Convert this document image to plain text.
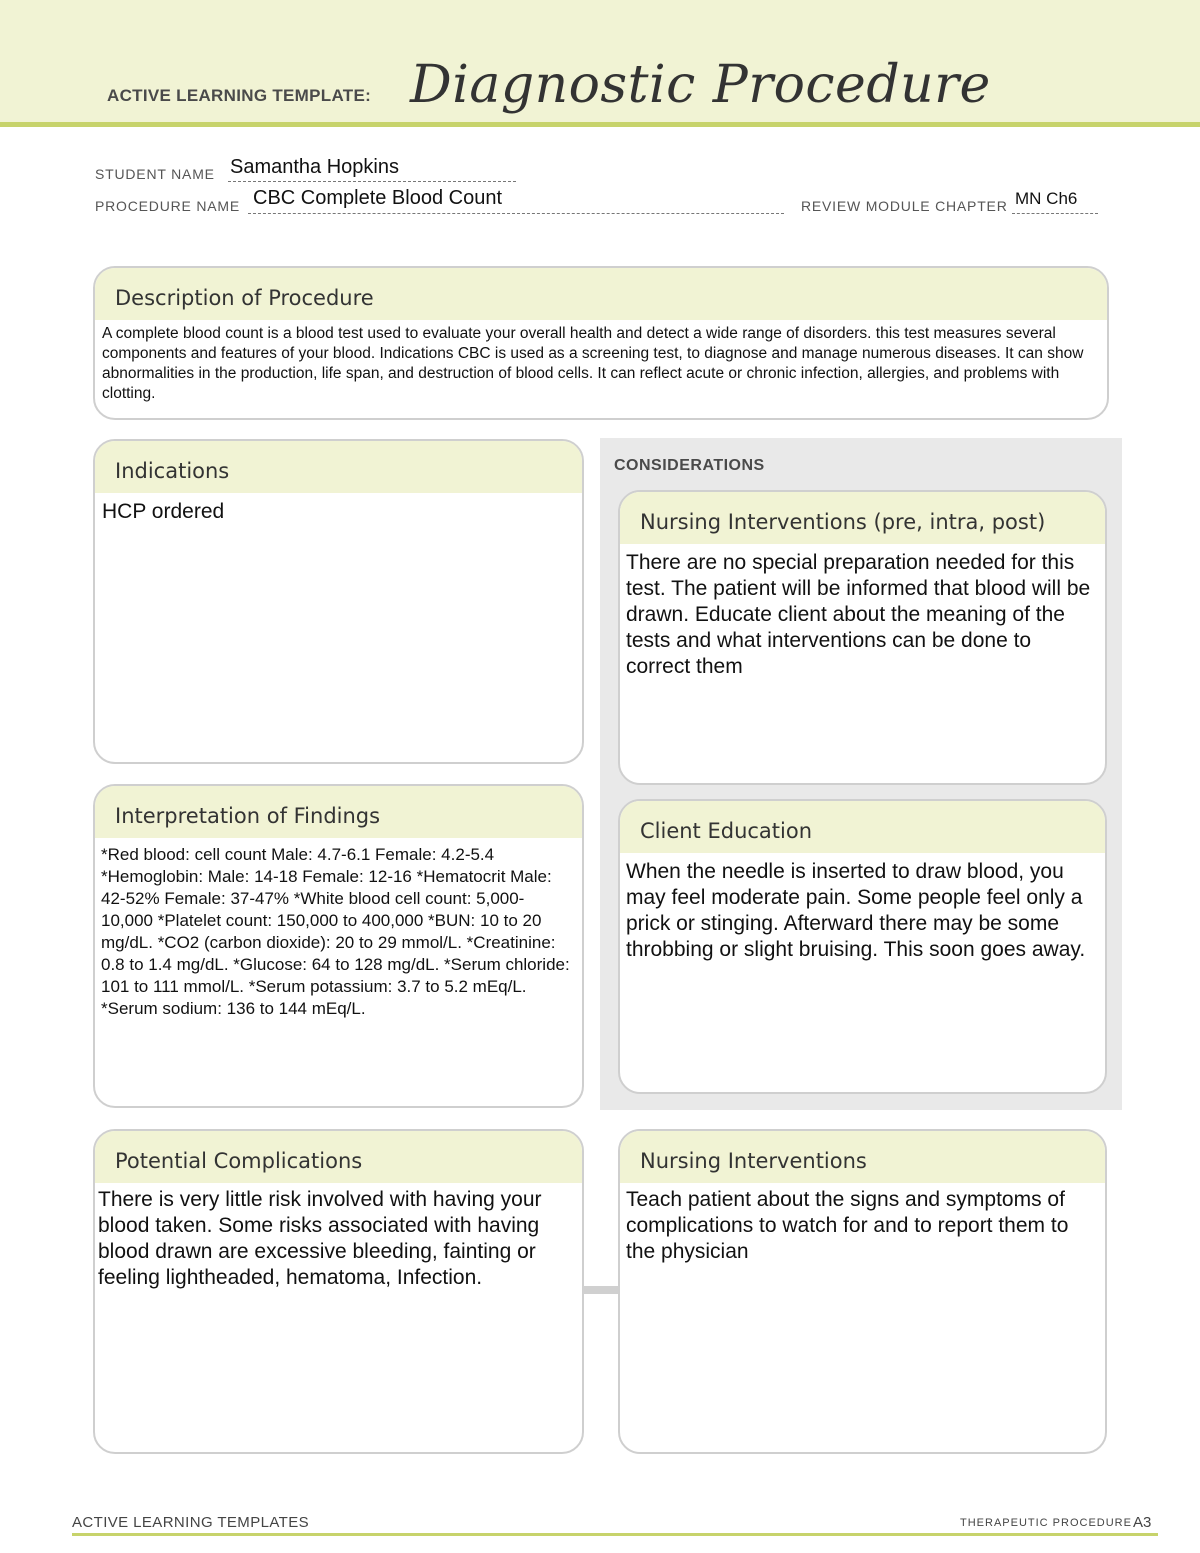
ACTIVE LEARNING TEMPLATE: Diagnostic Procedure
STUDENT NAME Samantha Hopkins
PROCEDURE NAME CBC Complete Blood Count	REVIEW MODULE CHAPTER MN Ch6
Description of Procedure
A complete blood count is a blood test used to evaluate your overall health and detect a wide range of disorders. this test measures several components and features of your blood. Indications CBC is used as a screening test, to diagnose and manage numerous diseases. It can show abnormalities in the production, life span, and destruction of blood cells. It can reflect acute or chronic infection, allergies, and problems with clotting.
Indications
HCP ordered
CONSIDERATIONS
Nursing Interventions (pre, intra, post)
There are no special preparation needed for this test. The patient will be informed that blood will be drawn. Educate client about the meaning of the tests and what interventions can be done to correct them
Interpretation of Findings
*Red blood: cell count Male: 4.7-6.1 Female: 4.2-5.4 *Hemoglobin: Male: 14-18 Female: 12-16 *Hematocrit Male: 42-52% Female: 37-47% *White blood cell count: 5,000-10,000 *Platelet count: 150,000 to 400,000 *BUN: 10 to 20 mg/dL. *CO2 (carbon dioxide): 20 to 29 mmol/L. *Creatinine: 0.8 to 1.4 mg/dL. *Glucose: 64 to 128 mg/dL. *Serum chloride: 101 to 111 mmol/L. *Serum potassium: 3.7 to 5.2 mEq/L. *Serum sodium: 136 to 144 mEq/L.
Client Education
When the needle is inserted to draw blood, you may feel moderate pain. Some people feel only a prick or stinging. Afterward there may be some throbbing or slight bruising. This soon goes away.
Potential Complications
There is very little risk involved with having your blood taken. Some risks associated with having blood drawn are excessive bleeding, fainting or feeling lightheaded, hematoma, Infection.
Nursing Interventions
Teach patient about the signs and symptoms of complications to watch for and to report them to the physician
ACTIVE LEARNING TEMPLATES	THERAPEUTIC PROCEDURE A3
